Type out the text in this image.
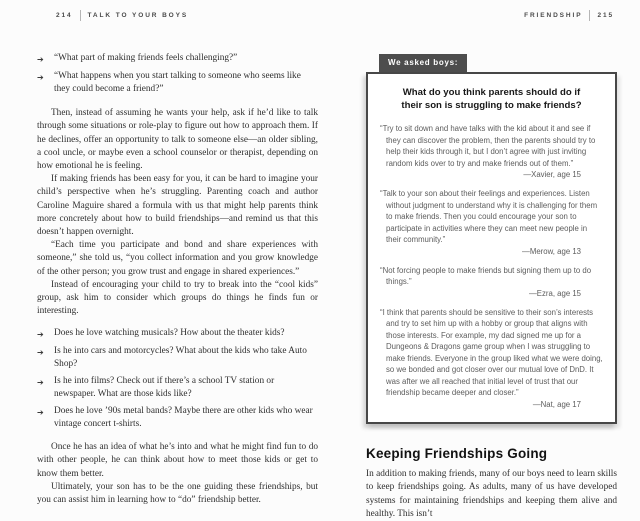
214 TALK TO YOUR BOYS	FRIENDSHIP 215
➔	“What part of making friends feels challenging?”
➔	“What happens when you start talking to someone who seems like they could become a friend?”

Then, instead of assuming he wants your help, ask if he’d like to talk through some situations or role-play to figure out how to approach them. If he declines, offer an opportunity to talk to someone else—an older sibling, a cool uncle, or maybe even a school counselor or therapist, depending on how emotional he is feeling.

If making friends has been easy for you, it can be hard to imagine your child’s perspective when he’s struggling. Parenting coach and author Caroline Maguire shared a formula with us that might help parents think more concretely about how to build friendships—and remind us that this doesn’t happen overnight.

“Each time you participate and bond and share experiences with someone,” she told us, “you collect information and you grow knowledge of the other person; you grow trust and engage in shared experiences.”

Instead of encouraging your child to try to break into the “cool kids” group, ask him to consider which groups do things he finds fun or interesting.

➔	Does he love watching musicals? How about the theater kids?
➔	Is he into cars and motorcycles? What about the kids who take Auto Shop?
➔	Is he into films? Check out if there’s a school TV station or newspaper. What are those kids like?
➔	Does he love ’90s metal bands? Maybe there are other kids who wear vintage concert t-shirts.

Once he has an idea of what he’s into and what he might find fun to do with other people, he can think about how to meet those kids or get to know them better.

Ultimately, your son has to be the one guiding these friendships, but you can assist him in learning how to “do” friendship better.

We asked boys:
What do you think parents should do if their son is struggling to make friends?

“Try to sit down and have talks with the kid about it and see if they can discover the problem, then the parents should try to help their kids through it, but I don’t agree with just inviting random kids over to try and make friends out of them.”

—Xavier, age 15

“Talk to your son about their feelings and experiences. Listen without judgment to understand why it is challenging for them to make friends. Then you could encourage your son to participate in activities where they can meet new people in their community.”

—Merow, age 13

“Not forcing people to make friends but signing them up to do things.”

—Ezra, age 15

“I think that parents should be sensitive to their son’s interests and try to set him up with a hobby or group that aligns with those interests. For example, my dad signed me up for a Dungeons & Dragons game group when I was struggling to make friends. Everyone in the group liked what we were doing, so we bonded and got closer over our mutual love of DnD. It was after we all reached that initial level of trust that our friendship became deeper and closer.”

—Nat, age 17
Keeping Friendships Going

In addition to making friends, many of our boys need to learn skills to keep friendships going. As adults, many of us have developed systems for maintaining friendships and keeping them alive and healthy. This isn’t
